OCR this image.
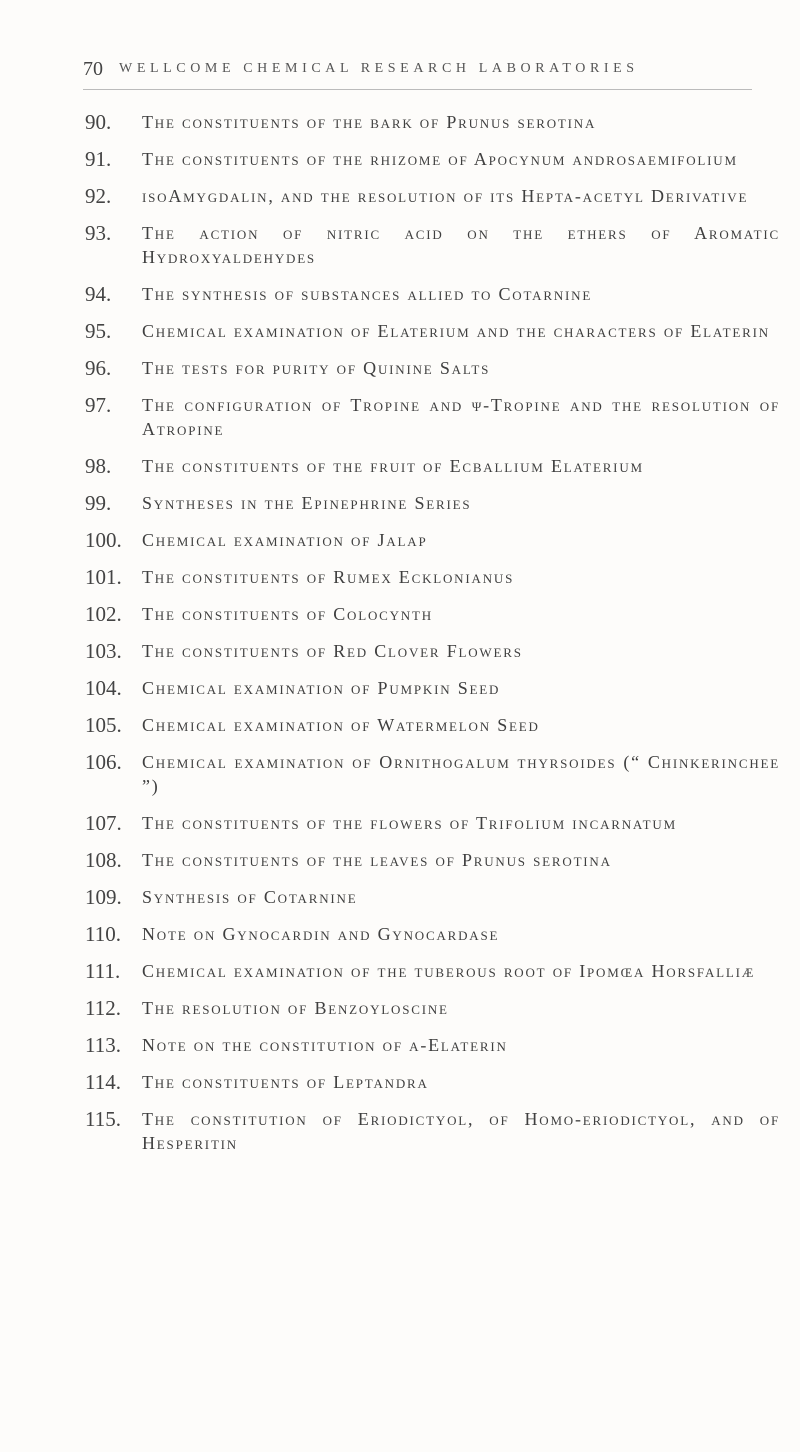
70 WELLCOME CHEMICAL RESEARCH LABORATORIES
90.	The constituents of the bark of Prunus serotina
91.	The constituents of the rhizome of Apocynum androsaemifolium
92.	isoAmygdalin, and the resolution of its Hepta-acetyl Derivative
93.	The action of nitric acid on the ethers of Aromatic Hydroxyaldehydes
94.	The synthesis of substances allied to Cotarnine
95.	Chemical examination of Elaterium and the characters of Elaterin
96.	The tests for purity of Quinine Salts
97.	The configuration of Tropine and ψ-Tropine and the resolution of Atropine
98.	The constituents of the fruit of Ecballium Elaterium
99.	Syntheses in the Epinephrine Series
100.	Chemical examination of Jalap
101.	The constituents of Rumex Ecklonianus
102.	The constituents of Colocynth
103.	The constituents of Red Clover Flowers
104.	Chemical examination of Pumpkin Seed
105.	Chemical examination of Watermelon Seed
106.	Chemical examination of Ornithogalum thyrsoides (“ Chinkerinchee ”)
107.	The constituents of the flowers of Trifolium incarnatum
108.	The constituents of the leaves of Prunus serotina
109.	Synthesis of Cotarnine
110.	Note on Gynocardin and Gynocardase
111.	Chemical examination of the tuberous root of Ipomœa Horsfalliæ
112.	The resolution of Benzoyloscine
113.	Note on the constitution of α-Elaterin
114.	The constituents of Leptandra
115.	The constitution of Eriodictyol, of Homo-eriodictyol, and of Hesperitin
